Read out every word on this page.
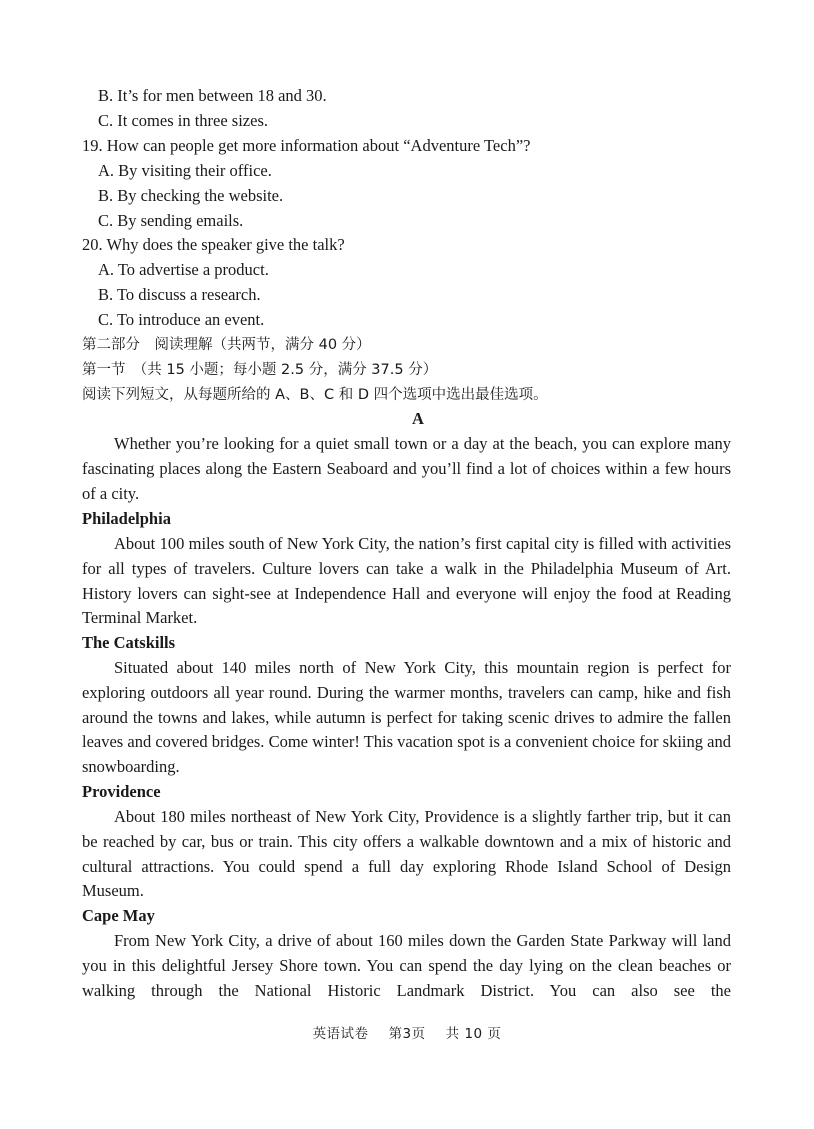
B. It’s for men between 18 and 30.
C. It comes in three sizes.
19. How can people get more information about “Adventure Tech”?
A. By visiting their office.
B. By checking the website.
C. By sending emails.
20. Why does the speaker give the talk?
A. To advertise a product.
B. To discuss a research.
C. To introduce an event.
第二部分　阅读理解（共两节，满分 40 分）
第一节　（共 15 小题；每小题 2.5 分，满分 37.5 分）
阅读下列短文，从每题所给的 A、B、C 和 D 四个选项中选出最佳选项。
A
Whether you’re looking for a quiet small town or a day at the beach, you can explore many fascinating places along the Eastern Seaboard and you’ll find a lot of choices within a few hours of a city.
Philadelphia
About 100 miles south of New York City, the nation’s first capital city is filled with activities for all types of travelers. Culture lovers can take a walk in the Philadelphia Museum of Art. History lovers can sight-see at Independence Hall and everyone will enjoy the food at Reading Terminal Market.
The Catskills
Situated about 140 miles north of New York City, this mountain region is perfect for exploring outdoors all year round. During the warmer months, travelers can camp, hike and fish around the towns and lakes, while autumn is perfect for taking scenic drives to admire the fallen leaves and covered bridges. Come winter! This vacation spot is a convenient choice for skiing and snowboarding.
Providence
About 180 miles northeast of New York City, Providence is a slightly farther trip, but it can be reached by car, bus or train. This city offers a walkable downtown and a mix of historic and cultural attractions. You could spend a full day exploring Rhode Island School of Design Museum.
Cape May
From New York City, a drive of about 160 miles down the Garden State Parkway will land you in this delightful Jersey Shore town. You can spend the day lying on the clean beaches or walking through the National Historic Landmark District. You can also see the
英语试卷 第3页 共 10 页
